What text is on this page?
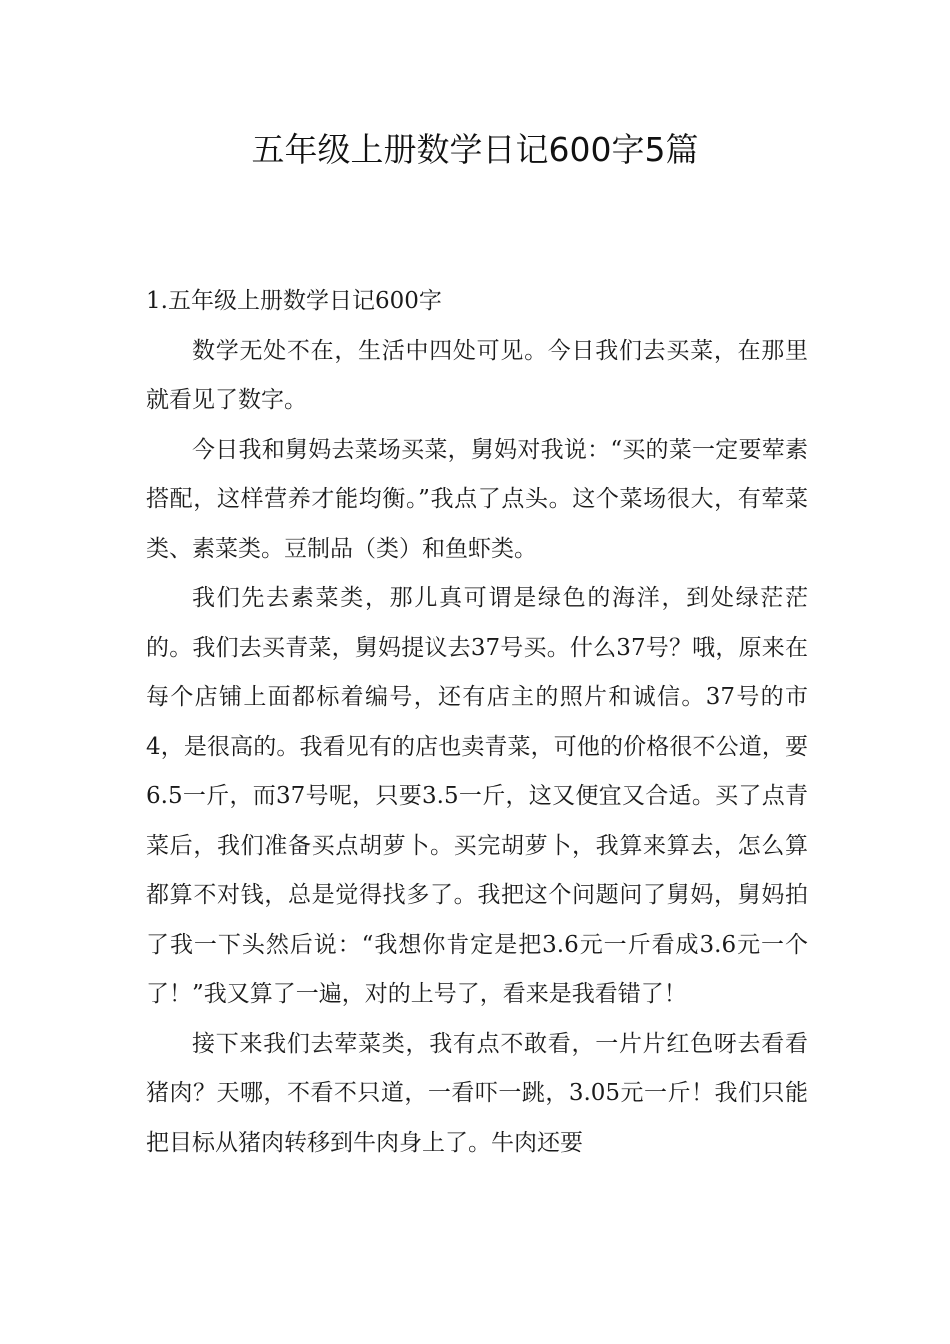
五年级上册数学日记600字5篇
1.五年级上册数学日记600字

数学无处不在，生活中四处可见。今日我们去买菜，在那里就看见了数字。

今日我和舅妈去菜场买菜，舅妈对我说：“买的菜一定要荤素搭配，这样营养才能均衡。”我点了点头。这个菜场很大，有荤菜类、素菜类。豆制品（类）和鱼虾类。

我们先去素菜类，那儿真可谓是绿色的海洋，到处绿茫茫的。我们去买青菜，舅妈提议去37号买。什么37号？哦，原来在每个店铺上面都标着编号，还有店主的照片和诚信。37号的市4，是很高的。我看见有的店也卖青菜，可他的价格很不公道，要6.5一斤，而37号呢，只要3.5一斤，这又便宜又合适。买了点青菜后，我们准备买点胡萝卜。买完胡萝卜，我算来算去，怎么算都算不对钱，总是觉得找多了。我把这个问题问了舅妈，舅妈拍了我一下头然后说：“我想你肯定是把3.6元一斤看成3.6元一个了！”我又算了一遍，对的上号了，看来是我看错了！

接下来我们去荤菜类，我有点不敢看，一片片红色呀去看看猪肉？天哪，不看不只道，一看吓一跳，3.05元一斤！我们只能把目标从猪肉转移到牛肉身上了。牛肉还要
